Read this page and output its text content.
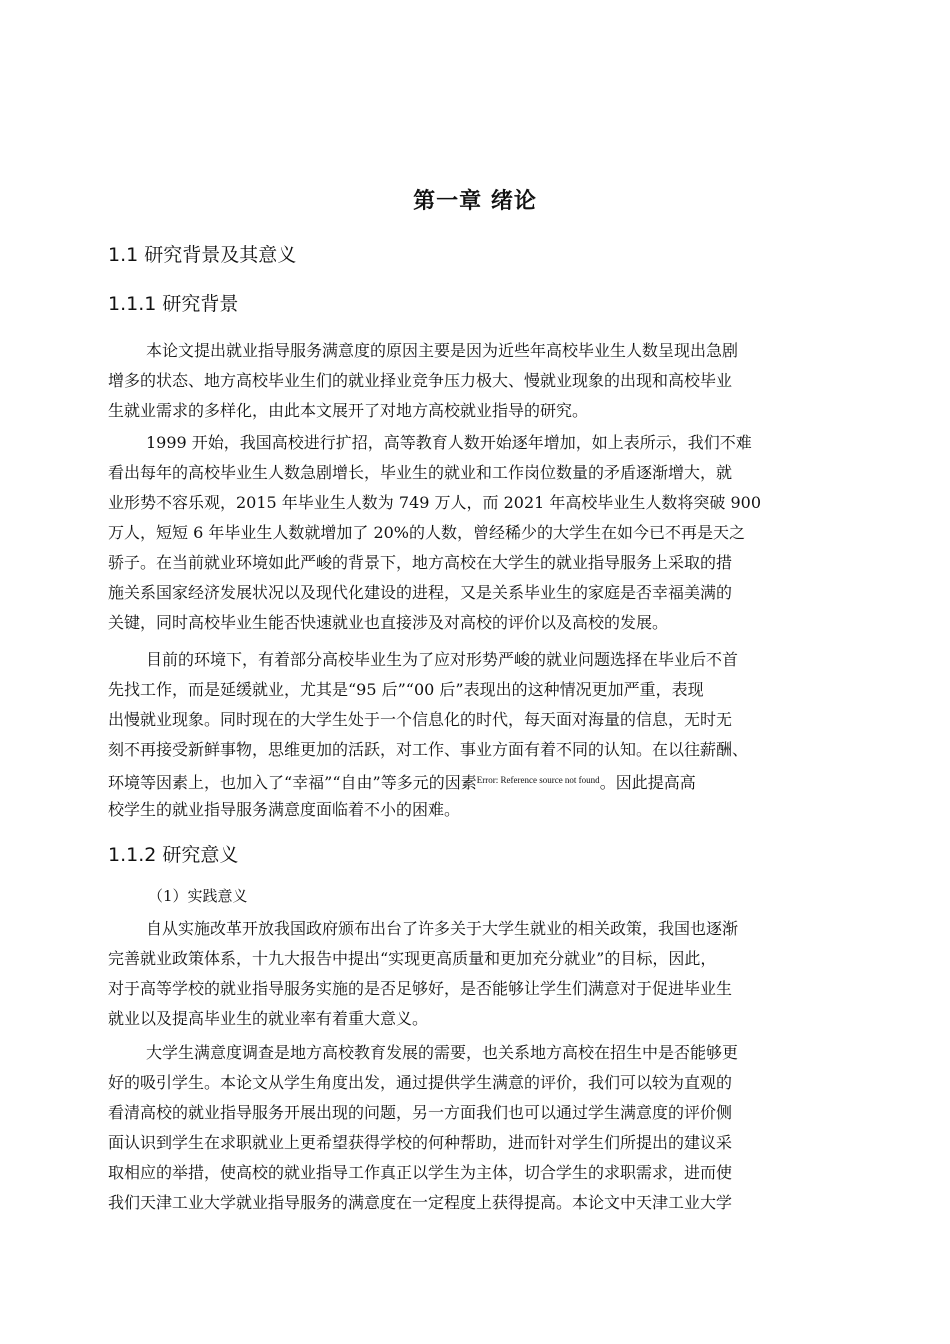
第一章 绪论
1.1 研究背景及其意义
1.1.1 研究背景
本论文提出就业指导服务满意度的原因主要是因为近些年高校毕业生人数呈现出急剧
增多的状态、地方高校毕业生们的就业择业竞争压力极大、慢就业现象的出现和高校毕业
生就业需求的多样化，由此本文展开了对地方高校就业指导的研究。
1999 开始，我国高校进行扩招，高等教育人数开始逐年增加，如上表所示，我们不难
看出每年的高校毕业生人数急剧增长，毕业生的就业和工作岗位数量的矛盾逐渐增大，就
业形势不容乐观，2015 年毕业生人数为 749 万人，而 2021 年高校毕业生人数将突破 900
万人，短短 6 年毕业生人数就增加了 20%的人数，曾经稀少的大学生在如今已不再是天之
骄子。在当前就业环境如此严峻的背景下，地方高校在大学生的就业指导服务上采取的措
施关系国家经济发展状况以及现代化建设的进程，又是关系毕业生的家庭是否幸福美满的
关键，同时高校毕业生能否快速就业也直接涉及对高校的评价以及高校的发展。
目前的环境下，有着部分高校毕业生为了应对形势严峻的就业问题选择在毕业后不首
先找工作，而是延缓就业，尤其是“95 后”“00 后”表现出的这种情况更加严重，表现
出慢就业现象。同时现在的大学生处于一个信息化的时代，每天面对海量的信息，无时无
刻不再接受新鲜事物，思维更加的活跃，对工作、事业方面有着不同的认知。在以往薪酬、
环境等因素上，也加入了“幸福”“自由”等多元的因素$^{Error: Reference source not found}$。因此提高高
校学生的就业指导服务满意度面临着不小的困难。
1.1.2 研究意义
（1）实践意义
自从实施改革开放我国政府颁布出台了许多关于大学生就业的相关政策，我国也逐渐
完善就业政策体系，十九大报告中提出“实现更高质量和更加充分就业”的目标，因此，
对于高等学校的就业指导服务实施的是否足够好，是否能够让学生们满意对于促进毕业生
就业以及提高毕业生的就业率有着重大意义。
大学生满意度调查是地方高校教育发展的需要，也关系地方高校在招生中是否能够更
好的吸引学生。本论文从学生角度出发，通过提供学生满意的评价，我们可以较为直观的
看清高校的就业指导服务开展出现的问题，另一方面我们也可以通过学生满意度的评价侧
面认识到学生在求职就业上更希望获得学校的何种帮助，进而针对学生们所提出的建议采
取相应的举措，使高校的就业指导工作真正以学生为主体，切合学生的求职需求，进而使
我们天津工业大学就业指导服务的满意度在一定程度上获得提高。本论文中天津工业大学
